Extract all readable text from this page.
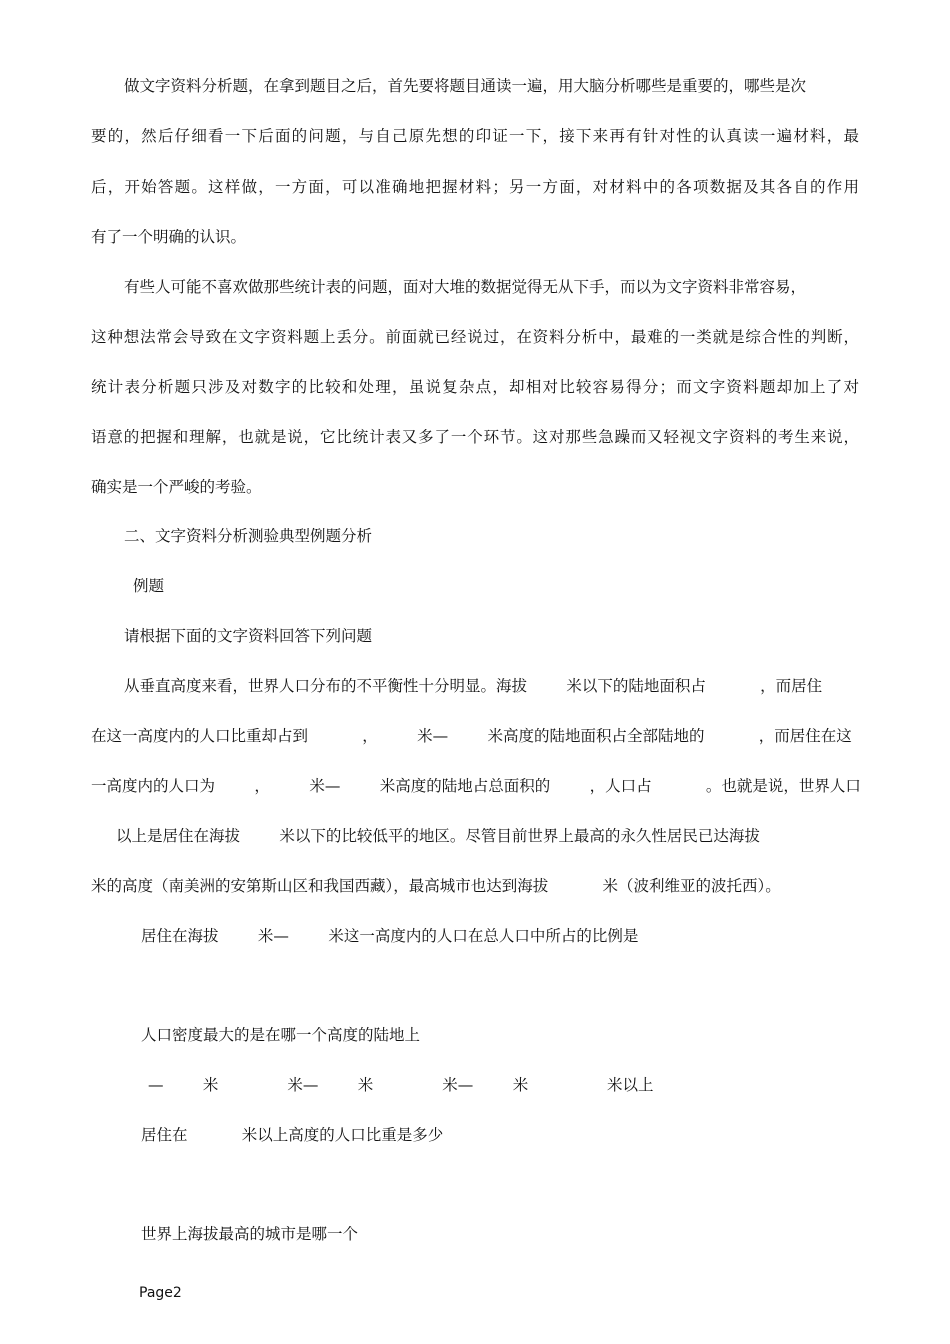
做文字资料分析题，在拿到题目之后，首先要将题目通读一遍，用大脑分析哪些是重要的，哪些是次
要的，然后仔细看一下后面的问题，与自己原先想的印证一下，接下来再有针对性的认真读一遍材料，最
后，开始答题。这样做，一方面，可以准确地把握材料；另一方面，对材料中的各项数据及其各自的作用
有了一个明确的认识。
有些人可能不喜欢做那些统计表的问题，面对大堆的数据觉得无从下手，而以为文字资料非常容易，
这种想法常会导致在文字资料题上丢分。前面就已经说过，在资料分析中，最难的一类就是综合性的判断，
统计表分析题只涉及对数字的比较和处理，虽说复杂点，却相对比较容易得分；而文字资料题却加上了对
语意的把握和理解，也就是说，它比统计表又多了一个环节。这对那些急躁而又轻视文字资料的考生来说，
确实是一个严峻的考验。
二、文字资料分析测验典型例题分析
例题
请根据下面的文字资料回答下列问题
从垂直高度来看，世界人口分布的不平衡性十分明显。海拔        米以下的陆地面积占           ，而居住
在这一高度内的人口比重却占到           ，        米—        米高度的陆地面积占全部陆地的           ，而居住在这
一高度内的人口为        ，        米—        米高度的陆地占总面积的        ，人口占           。也就是说，世界人口
以上是居住在海拔        米以下的比较低平的地区。尽管目前世界上最高的永久性居民已达海拔
米的高度（南美洲的安第斯山区和我国西藏），最高城市也达到海拔           米（波利维亚的波托西）。
居住在海拔        米—        米这一高度内的人口在总人口中所占的比例是
人口密度最大的是在哪一个高度的陆地上
—        米              米—        米              米—        米                米以上
居住在           米以上高度的人口比重是多少
世界上海拔最高的城市是哪一个
Page2
